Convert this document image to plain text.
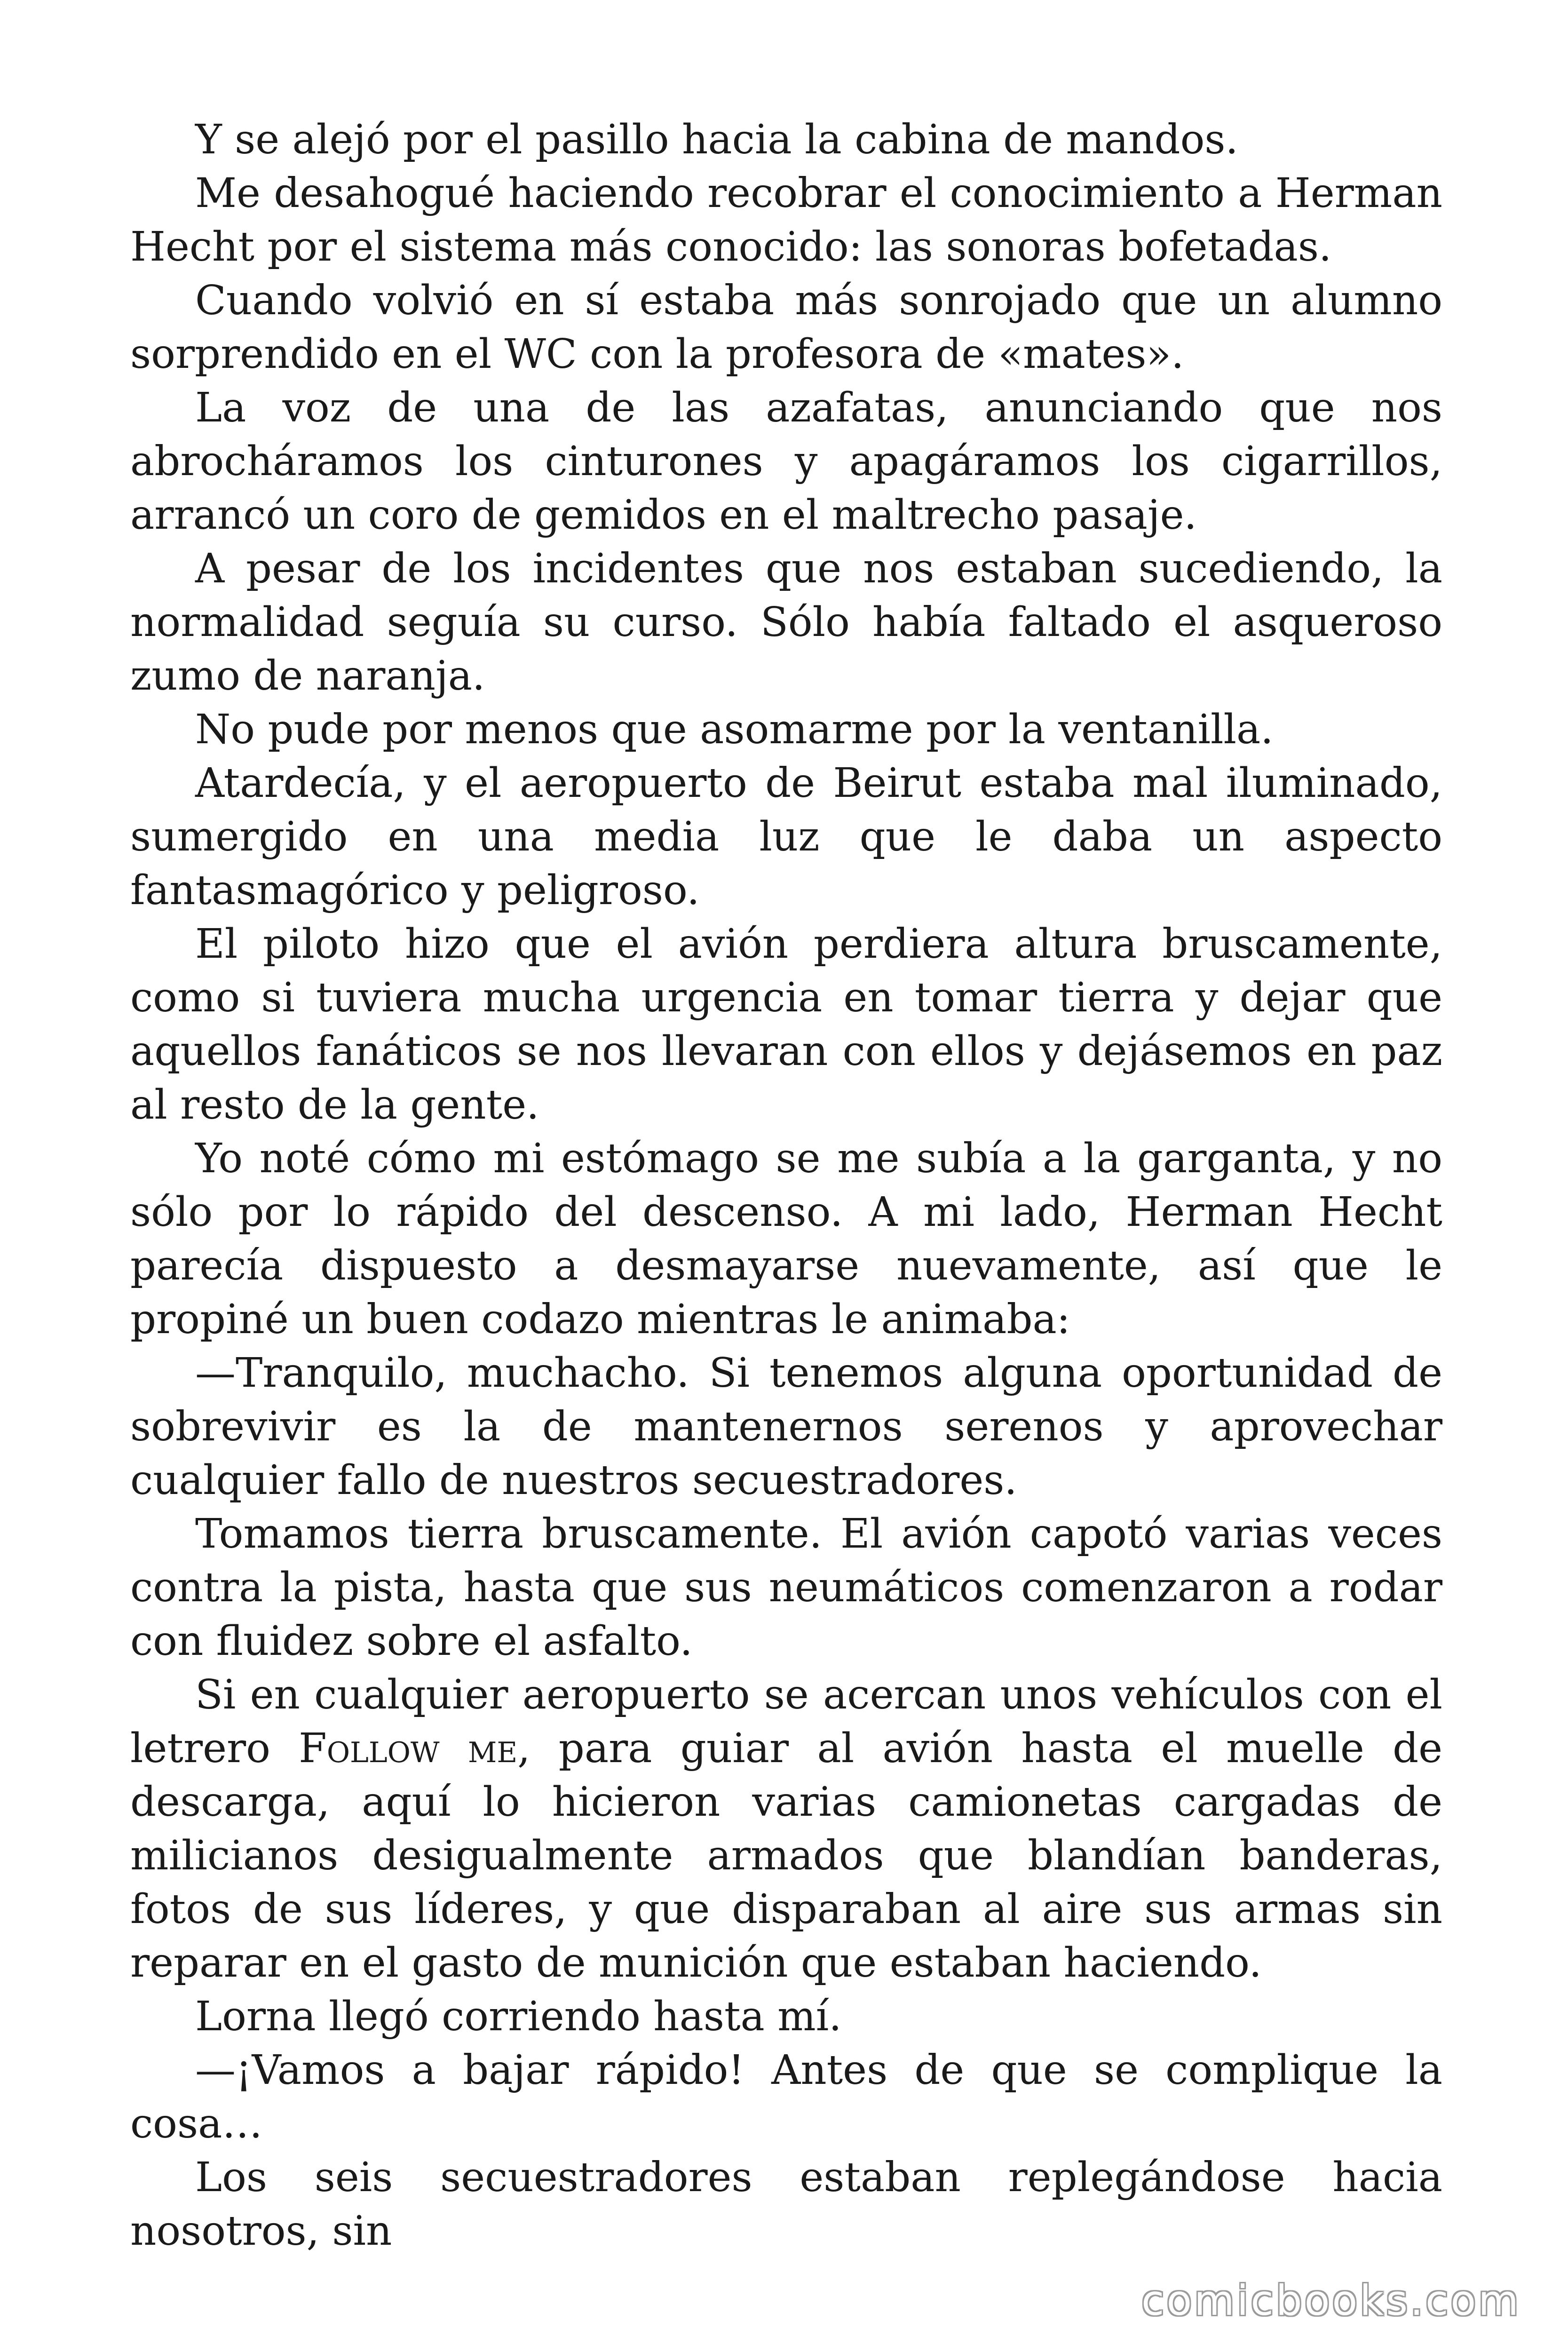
Y se alejó por el pasillo hacia la cabina de mandos.

Me desahogué haciendo recobrar el conocimiento a Herman Hecht por el sistema más conocido: las sonoras bofetadas.

Cuando volvió en sí estaba más sonrojado que un alumno sorprendido en el WC con la profesora de «mates».

La voz de una de las azafatas, anunciando que nos abrocháramos los cinturones y apagáramos los cigarrillos, arrancó un coro de gemidos en el maltrecho pasaje.

A pesar de los incidentes que nos estaban sucediendo, la normalidad seguía su curso. Sólo había faltado el asqueroso zumo de naranja.

No pude por menos que asomarme por la ventanilla.

Atardecía, y el aeropuerto de Beirut estaba mal iluminado, sumergido en una media luz que le daba un aspecto fantasmagórico y peligroso.

El piloto hizo que el avión perdiera altura bruscamente, como si tuviera mucha urgencia en tomar tierra y dejar que aquellos fanáticos se nos llevaran con ellos y dejásemos en paz al resto de la gente.

Yo noté cómo mi estómago se me subía a la garganta, y no sólo por lo rápido del descenso. A mi lado, Herman Hecht parecía dispuesto a desmayarse nuevamente, así que le propiné un buen codazo mientras le animaba:

—Tranquilo, muchacho. Si tenemos alguna oportunidad de sobrevivir es la de mantenernos serenos y aprovechar cualquier fallo de nuestros secuestradores.

Tomamos tierra bruscamente. El avión capotó varias veces contra la pista, hasta que sus neumáticos comenzaron a rodar con fluidez sobre el asfalto.

Si en cualquier aeropuerto se acercan unos vehículos con el letrero Follow me, para guiar al avión hasta el muelle de descarga, aquí lo hicieron varias camionetas cargadas de milicianos desigualmente armados que blandían banderas, fotos de sus líderes, y que disparaban al aire sus armas sin reparar en el gasto de munición que estaban haciendo.

Lorna llegó corriendo hasta mí.

—¡Vamos a bajar rápido! Antes de que se complique la cosa…

Los seis secuestradores estaban replegándose hacia nosotros, sin

comicbooks.com
